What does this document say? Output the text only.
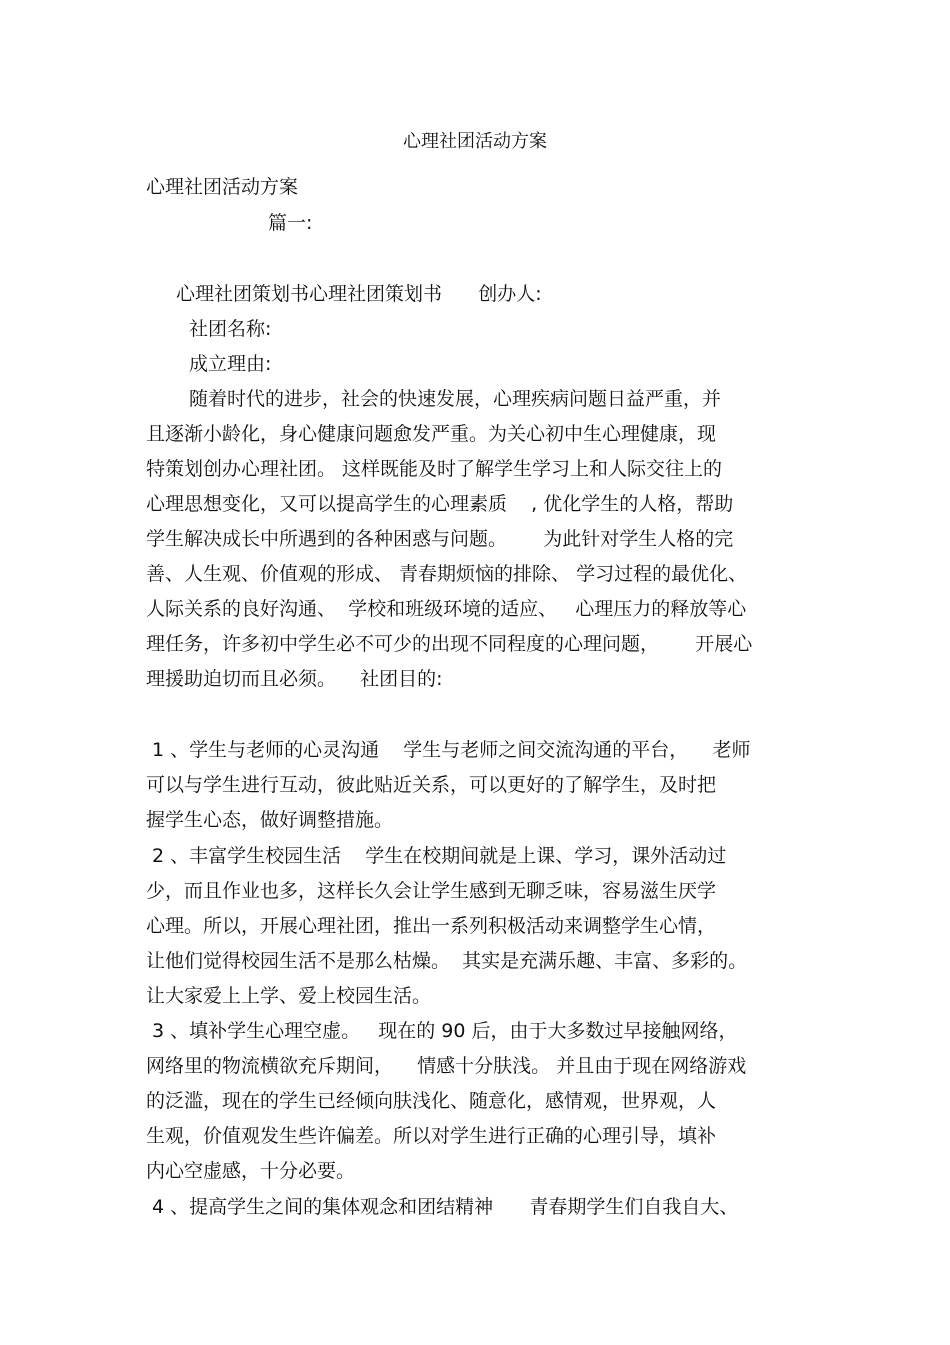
心理社团活动方案
心理社团活动方案
篇一:
心理社团策划书心理社团策划书      创办人:
社团名称:
成立理由:
随着时代的进步，社会的快速发展，心理疾病问题日益严重，并
且逐渐小龄化，身心健康问题愈发严重。为关心初中生心理健康，现
特策划创办心理社团。 这样既能及时了解学生学习上和人际交往上的
心理思想变化，又可以提高学生的心理素质    , 优化学生的人格，帮助
学生解决成长中所遇到的各种困惑与问题。      为此针对学生人格的完
善、人生观、价值观的形成、 青春期烦恼的排除、 学习过程的最优化、
人际关系的良好沟通、  学校和班级环境的适应、   心理压力的释放等心
理任务，许多初中学生必不可少的出现不同程度的心理问题，      开展心
理援助迫切而且必须。    社团目的:
1 、学生与老师的心灵沟通    学生与老师之间交流沟通的平台，    老师
可以与学生进行互动，彼此贴近关系，可以更好的了解学生，及时把
握学生心态，做好调整措施。
2 、丰富学生校园生活    学生在校期间就是上课、学习，课外活动过
少，而且作业也多，这样长久会让学生感到无聊乏味，容易滋生厌学
心理。所以，开展心理社团，推出一系列积极活动来调整学生心情，
让他们觉得校园生活不是那么枯燥。  其实是充满乐趣、丰富、多彩的。
让大家爱上上学、爱上校园生活。
3 、填补学生心理空虚。   现在的 90 后，由于大多数过早接触网络，
网络里的物流横欲充斥期间，    情感十分肤浅。 并且由于现在网络游戏
的泛滥，现在的学生已经倾向肤浅化、随意化，感情观，世界观，人
生观，价值观发生些许偏差。所以对学生进行正确的心理引导，填补
内心空虚感，十分必要。
4 、提高学生之间的集体观念和团结精神      青春期学生们自我自大、
